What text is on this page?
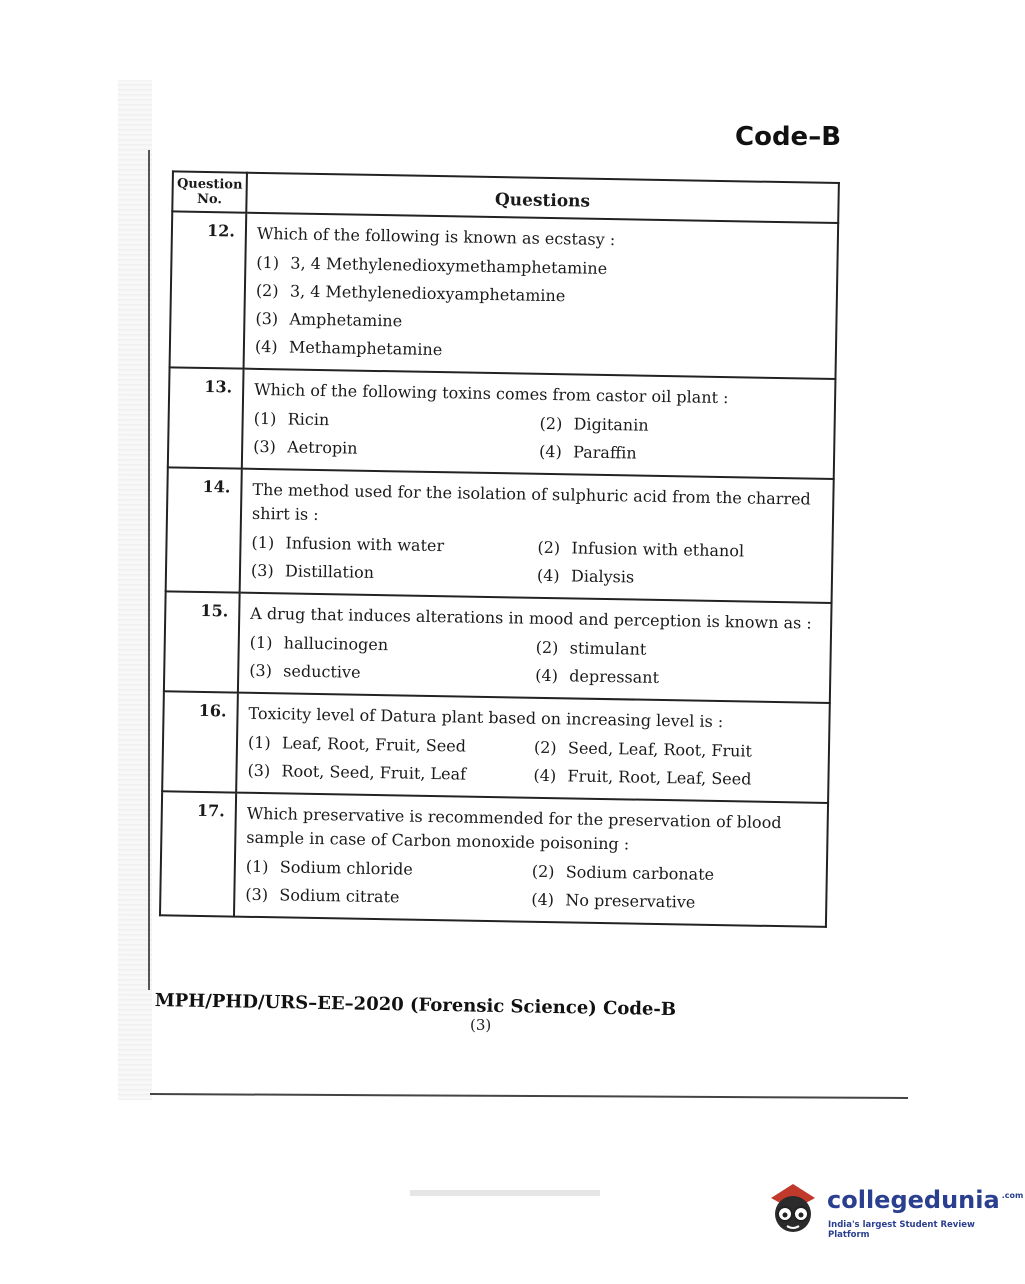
Code–B
Question No.	Questions
12.	Which of the following is known as ecstasy :
(1) 3, 4 Methylenedioxymethamphetamine
(2) 3, 4 Methylenedioxyamphetamine
(3) Amphetamine
(4) Methamphetamine

13.	Which of the following toxins comes from castor oil plant :
(1) Ricin (2) Digitanin
(3) Aetropin (4) Paraffin

14.	The method used for the isolation of sulphuric acid from the charred shirt is :
(1) Infusion with water (2) Infusion with ethanol
(3) Distillation (4) Dialysis

15.	A drug that induces alterations in mood and perception is known as :
(1) hallucinogen (2) stimulant
(3) seductive (4) depressant

16.	Toxicity level of Datura plant based on increasing level is :
(1) Leaf, Root, Fruit, Seed (2) Seed, Leaf, Root, Fruit
(3) Root, Seed, Fruit, Leaf (4) Fruit, Root, Leaf, Seed

17.	Which preservative is recommended for the preservation of blood sample in case of Carbon monoxide poisoning :
(1) Sodium chloride (2) Sodium carbonate
(3) Sodium citrate (4) No preservative
MPH/PHD/URS–EE–2020 (Forensic Science) Code-B
(3)
collegedunia $^{.com}$
India's largest Student Review Platform
